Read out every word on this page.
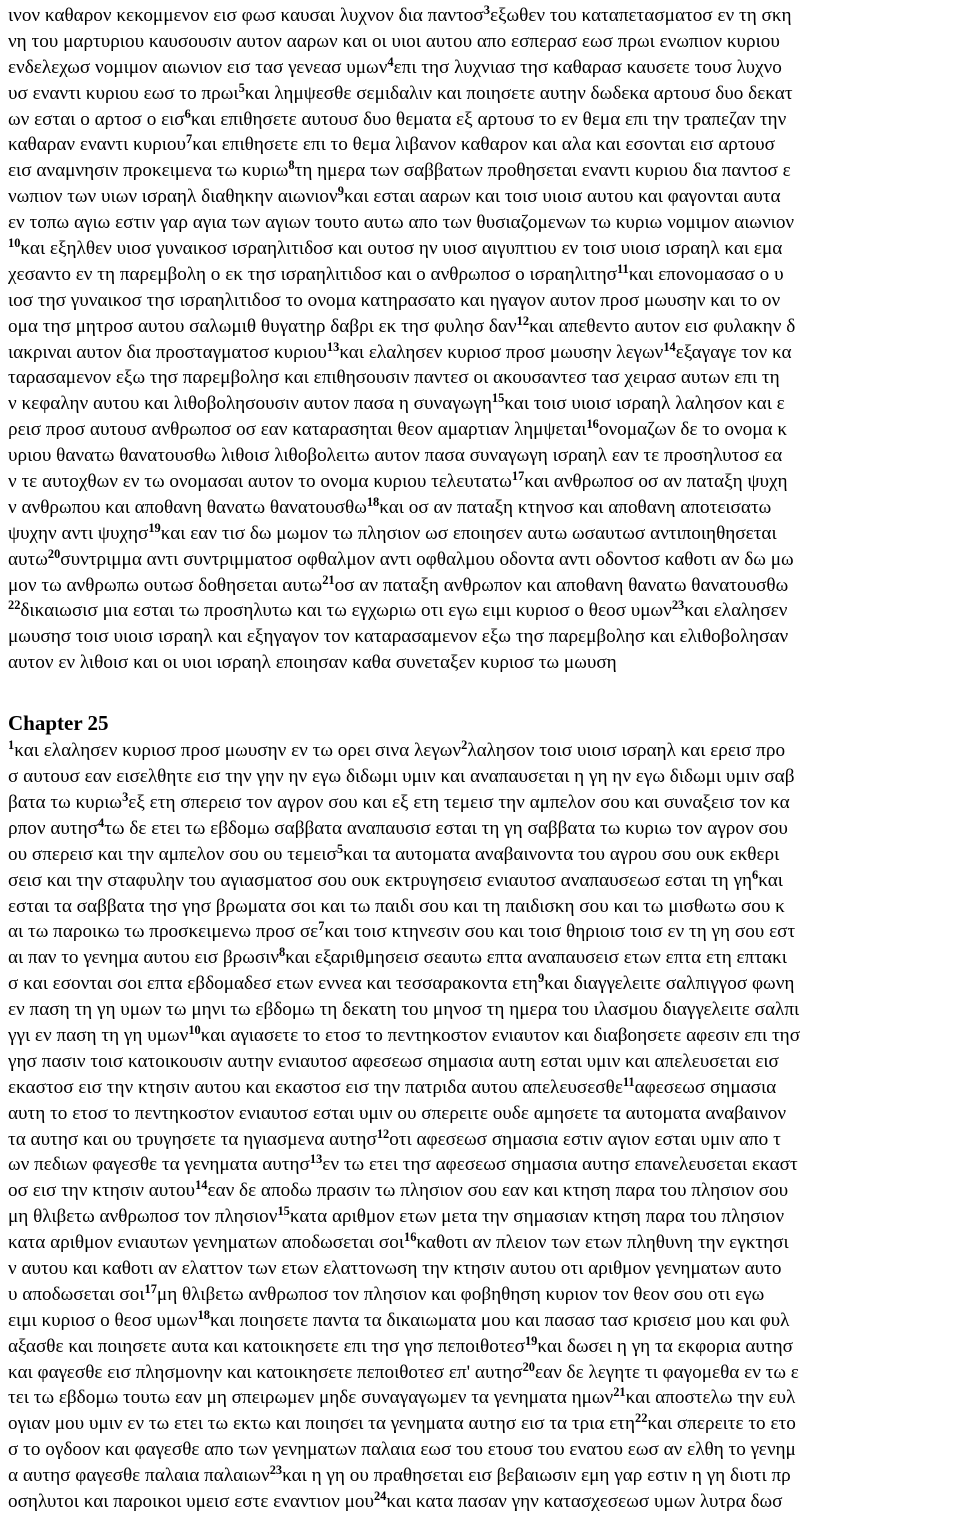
ινον καθαρον κεκομμενον εισ φωσ καυσαι λυχνον δια παντοσ$^3$εξωθεν του καταπετασματοσ εν τη σκη
νη του μαρτυριου καυσουσιν αυτον ααρων και οι υιοι αυτου απο εσπερασ εωσ πρωι ενωπιον κυριου
ενδελεχωσ νομιμον αιωνιον εισ τασ γενεασ υμων$^4$επι τησ λυχνιασ τησ καθαρασ καυσετε τουσ λυχνο
υσ εναντι κυριου εωσ το πρωι$^5$και λημψεσθε σεμιδαλιν και ποιησετε αυτην δωδεκα αρτουσ δυο δεκατ
ων εσται ο αρτοσ ο εισ$^6$και επιθησετε αυτουσ δυο θεματα εξ αρτουσ το εν θεμα επι την τραπεζαν την
καθαραν εναντι κυριου$^7$και επιθησετε επι το θεμα λιβανον καθαρον και αλα και εσονται εισ αρτουσ
εισ αναμνησιν προκειμενα τω κυριω$^8$τη ημερα των σαββατων προθησεται εναντι κυριου δια παντοσ ε
νωπιον των υιων ισραηλ διαθηκην αιωνιον$^9$και εσται ααρων και τοισ υιοισ αυτου και φαγονται αυτα
εν τοπω αγιω εστιν γαρ αγια των αγιων τουτο αυτω απο των θυσιαζομενων τω κυριω νομιμον αιωνιον
$^{10}$και εξηλθεν υιοσ γυναικοσ ισραηλιτιδοσ και ουτοσ ην υιοσ αιγυπτιου εν τοισ υιοισ ισραηλ και εμα
χεσαντο εν τη παρεμβολη ο εκ τησ ισραηλιτιδοσ και ο ανθρωποσ ο ισραηλιτησ$^{11}$και επονομασασ ο υ
ιοσ τησ γυναικοσ τησ ισραηλιτιδοσ το ονομα κατηρασατο και ηγαγον αυτον προσ μωυσην και το ον
ομα τησ μητροσ αυτου σαλωμιθ θυγατηρ δαβρι εκ τησ φυλησ δαν$^{12}$και απεθεντο αυτον εισ φυλακην δ
ιακριναι αυτον δια προσταγματοσ κυριου$^{13}$και ελαλησεν κυριοσ προσ μωυσην λεγων$^{14}$εξαγαγε τον κα
ταρασαμενον εξω τησ παρεμβολησ και επιθησουσιν παντεσ οι ακουσαντεσ τασ χειρασ αυτων επι τη
ν κεφαλην αυτου και λιθοβολησουσιν αυτον πασα η συναγωγη$^{15}$και τοισ υιοισ ισραηλ λαλησον και ε
ρεισ προσ αυτουσ ανθρωποσ οσ εαν καταρασηται θεον αμαρτιαν λημψεται$^{16}$ονομαζων δε το ονομα κ
υριου θανατω θανατουσθω λιθοισ λιθοβολειτω αυτον πασα συναγωγη ισραηλ εαν τε προσηλυτοσ εα
ν τε αυτοχθων εν τω ονομασαι αυτον το ονομα κυριου τελευτατω$^{17}$και ανθρωποσ οσ αν παταξη ψυχη
ν ανθρωπου και αποθανη θανατω θανατουσθω$^{18}$και οσ αν παταξη κτηνοσ και αποθανη αποτεισατω
ψυχην αντι ψυχησ$^{19}$και εαν τισ δω μωμον τω πλησιον ωσ εποιησεν αυτω ωσαυτωσ αντιποιηθησεται
αυτω$^{20}$συντριμμα αντι συντριμματοσ οφθαλμον αντι οφθαλμου οδοντα αντι οδοντοσ καθοτι αν δω μω
μον τω ανθρωπω ουτωσ δοθησεται αυτω$^{21}$οσ αν παταξη ανθρωπον και αποθανη θανατω θανατουσθω
$^{22}$δικαιωσισ μια εσται τω προσηλυτω και τω εγχωριω οτι εγω ειμι κυριοσ ο θεοσ υμων$^{23}$και ελαλησεν
μωυσησ τοισ υιοισ ισραηλ και εξηγαγον τον καταρασαμενον εξω τησ παρεμβολησ και ελιθοβολησαν
αυτον εν λιθοισ και οι υιοι ισραηλ εποιησαν καθα συνεταξεν κυριοσ τω μωυση
Chapter 25
$^1$και ελαλησεν κυριοσ προσ μωυσην εν τω ορει σινα λεγων$^2$λαλησον τοισ υιοισ ισραηλ και ερεισ προ
σ αυτουσ εαν εισελθητε εισ την γην ην εγω διδωμι υμιν και αναπαυσεται η γη ην εγω διδωμι υμιν σαβ
βατα τω κυριω$^3$εξ ετη σπερεισ τον αγρον σου και εξ ετη τεμεισ την αμπελον σου και συναξεισ τον κα
ρπον αυτησ$^4$τω δε ετει τω εβδομω σαββατα αναπαυσισ εσται τη γη σαββατα τω κυριω τον αγρον σου
ου σπερεισ και την αμπελον σου ου τεμεισ$^5$και τα αυτοματα αναβαινοντα του αγρου σου ουκ εκθερι
σεισ και την σταφυλην του αγιασματοσ σου ουκ εκτρυγησεισ ενιαυτοσ αναπαυσεωσ εσται τη $\gamma\eta^6\kappa\alpha\iota$
εσται τα σαββατα τησ γησ βρωματα σοι και τω παιδι σου και τη παιδισκη σου και τω μισθωτω σου κ
αι τω παροικω τω προσκειμενω προσ $\sigma\varepsilon^7\kappa\alpha\iota$ τοισ κτηνεσιν σου και τοισ θηριοισ τοισ εν τη γη σου εστ
αι παν το γενημα αυτου εισ βρωσιν$^8$και εξαριθμησεισ σεαυτω επτα αναπαυσεισ ετων επτα ετη επτακι
σ και εσονται σοι επτα εβδομαδεσ ετων εννεα και τεσσαρακοντα ετη$^9$και διαγγελειτε σαλπιγγοσ φωνη
εν παση τη γη υμων τω μηνι τω εβδομω τη δεκατη του μηνοσ τη ημερα του ιλασμου διαγγελειτε σαλπι
γγι εν παση τη γη υμων$^{10}$και αγιασετε το ετοσ το πεντηκοστον ενιαυτον και διαβοησετε αφεσιν επι τησ
γησ πασιν τοισ κατοικουσιν αυτην ενιαυτοσ αφεσεωσ σημασια αυτη εσται υμιν και απελευσεται εισ
εκαστοσ εισ την κτησιν αυτου και εκαστοσ εισ την πατριδα αυτου απελευσεσθε$^{11}$αφεσεωσ σημασια
αυτη το ετοσ το πεντηκοστον ενιαυτοσ εσται υμιν ου σπερειτε ουδε αμησετε τα αυτοματα αναβαινον
τα αυτησ και ου τρυγησετε τα ηγιασμενα αυτησ$^{12}$οτι αφεσεωσ σημασια εστιν αγιον εσται υμιν απο τ
ων πεδιων φαγεσθε τα γενηματα αυτησ$^{13}$εν τω ετει τησ αφεσεωσ σημασια αυτησ επανελευσεται εκαστ
οσ εισ την κτησιν αυτου$^{14}$εαν δε αποδω πρασιν τω πλησιον σου εαν και κτηση παρα του πλησιον σου
μη θλιβετω ανθρωποσ τον πλησιον$^{15}$κατα αριθμον ετων μετα την σημασιαν κτηση παρα του πλησιον
κατα αριθμον ενιαυτων γενηματων αποδωσεται σοι$^{16}$καθοτι αν πλειον των ετων πληθυνη την εγκτησι
ν αυτου και καθοτι αν ελαττον των ετων ελαττονωση την κτησιν αυτου οτι αριθμον γενηματων αυτο
υ αποδωσεται σοι$^{17}$μη θλιβετω ανθρωποσ τον πλησιον και φοβηθηση κυριον τον θεον σου οτι εγω
ειμι κυριοσ ο θεοσ υμων$^{18}$και ποιησετε παντα τα δικαιωματα μου και πασασ τασ κρισεισ μου και φυλ
αξασθε και ποιησετε αυτα και κατοικησετε επι τησ γησ πεποιθοτεσ$^{19}$και δωσει η γη τα εκφορια αυτησ
και φαγεσθε εισ πλησμονην και κατοικησετε πεποιθοτεσ επ' αυτησ$^{20}$εαν δε λεγητε τι φαγομεθα εν τω ε
τει τω εβδομω τουτω εαν μη σπειρωμεν μηδε συναγαγωμεν τα γενηματα ημων$^{21}$και αποστελω την ευλ
ογιαν μου υμιν εν τω ετει τω εκτω και ποιησει τα γενηματα αυτησ εισ τα τρια ετη$^{22}$και σπερειτε το ετο
σ το ογδοον και φαγεσθε απο των γενηματων παλαια εωσ του ετουσ του ενατου εωσ αν ελθη το γενημ
α αυτησ φαγεσθε παλαια παλαιων$^{23}$και η γη ου πραθησεται εισ βεβαιωσιν εμη γαρ εστιν η γη διοτι πρ
οσηλυτοι και παροικοι υμεισ εστε εναντιον μου$^{24}$και κατα πασαν γην κατασχεσεωσ υμων λυτρα δωσ
